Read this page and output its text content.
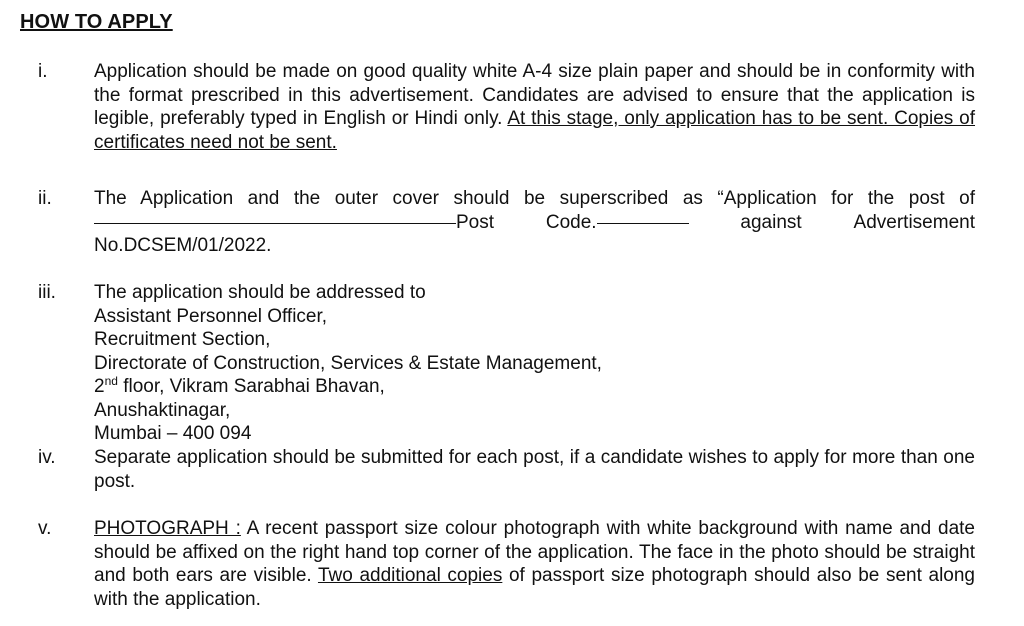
HOW TO APPLY
i.	Application should be made on good quality white A-4 size plain paper and should be in conformity with the format prescribed in this advertisement. Candidates are advised to ensure that the application is legible, preferably typed in English or Hindi only. At this stage, only application has to be sent. Copies of certificates need not be sent.
ii.	The Application and the outer cover should be superscribed as “Application for the post of
Post	Code.	against	Advertisement
No.DCSEM/01/2022.
iii.	The application should be addressed to
Assistant Personnel Officer,
Recruitment Section,
Directorate of Construction, Services & Estate Management,
2nd floor, Vikram Sarabhai Bhavan,
Anushaktinagar,
Mumbai – 400 094
iv.	Separate application should be submitted for each post, if a candidate wishes to apply for more than one post.
v.	PHOTOGRAPH : A recent passport size colour photograph with white background with name and date should be affixed on the right hand top corner of the application. The face in the photo should be straight and both ears are visible. Two additional copies of passport size photograph should also be sent along with the application.
